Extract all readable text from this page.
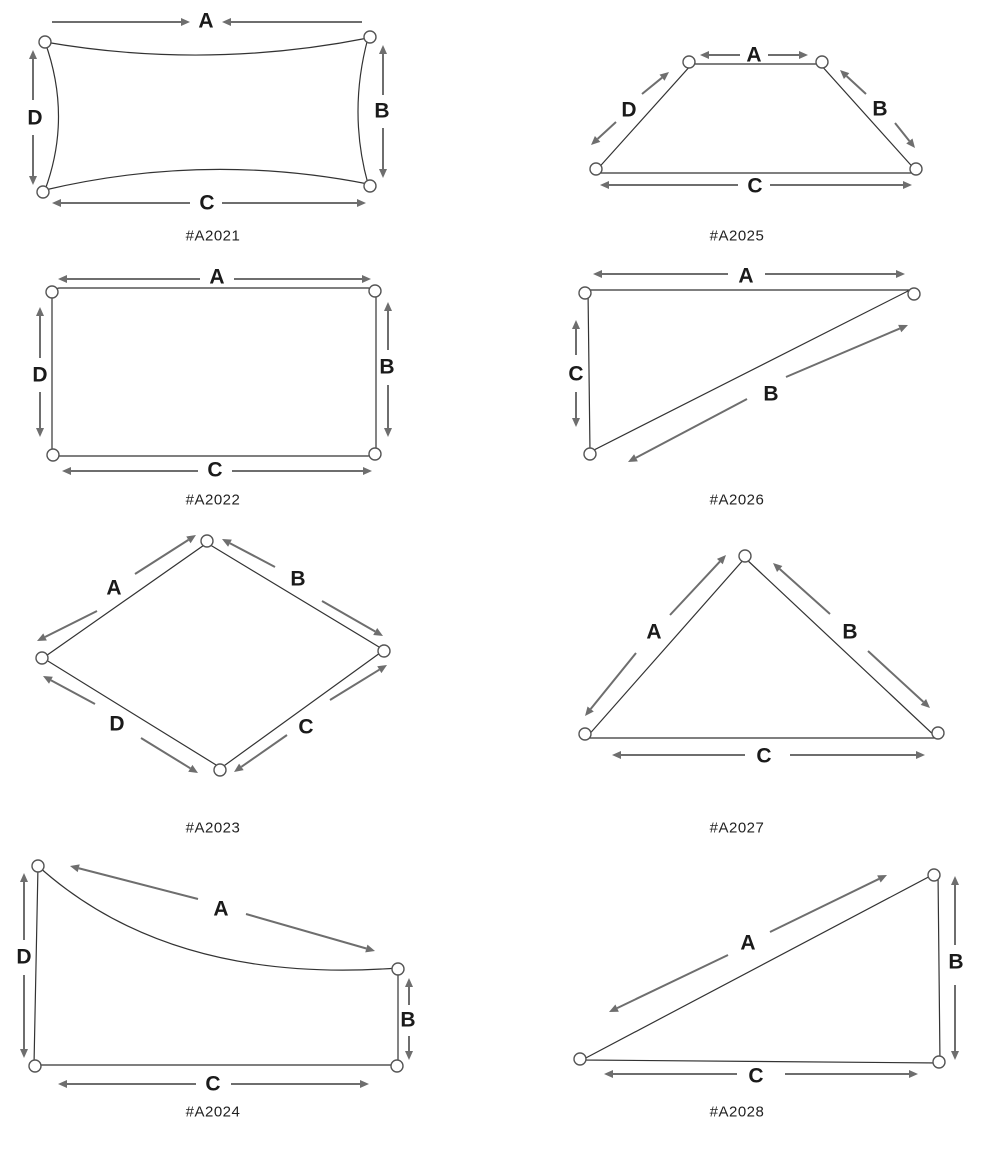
A
B
C
D
#A2021
A
B
C
D
#A2025
A
B
C
D
#A2022
A
B
C
#A2026
A	B
C
D
#A2023
A	B
C
#A2027
A
B
C
D
#A2024
A
B
C
#A2028
